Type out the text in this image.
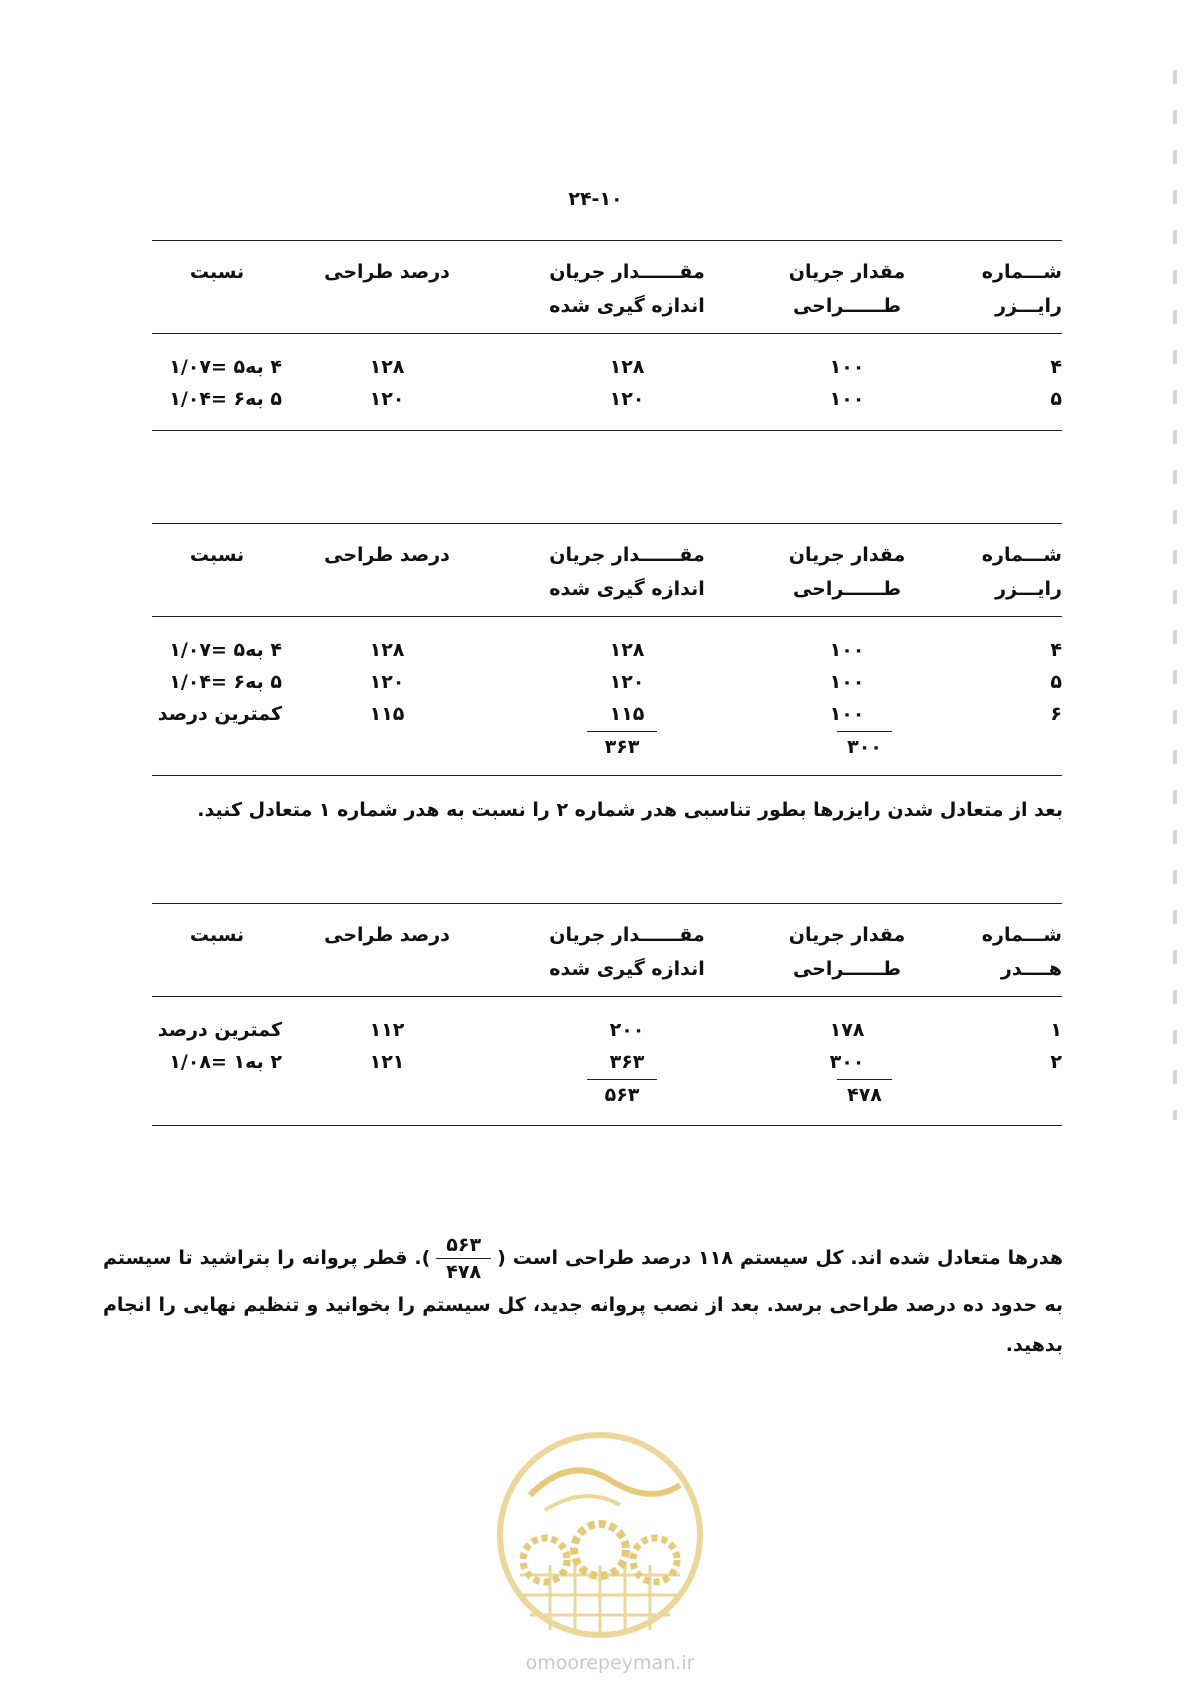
۲۴-۱۰
شـــماره
رایـــزر
مقدار جریان
طــــــراحی
مقــــــدار جریان
اندازه گیری شده
درصد طراحی
نسبت
۴
۱۰۰
۱۲۸
۱۲۸
۴ به۵ =۱/۰۷
۵
۱۰۰
۱۲۰
۱۲۰
۵ به۶ =۱/۰۴
شـــماره
رایـــزر
مقدار جریان
طــــــراحی
مقــــــدار جریان
اندازه گیری شده
درصد طراحی
نسبت
۴
۱۰۰
۱۲۸
۱۲۸
۴ به۵ =۱/۰۷
۵
۱۰۰
۱۲۰
۱۲۰
۵ به۶ =۱/۰۴
۶
۱۰۰
۱۱۵
۱۱۵
کمترین درصد
۳۰۰
۳۶۳
بعد از متعادل شدن رایزرها بطور تناسبی هدر شماره ۲ را نسبت به هدر شماره ۱ متعادل کنید.
شـــماره
هــــدر
مقدار جریان
طــــــراحی
مقــــــدار جریان
اندازه گیری شده
درصد طراحی
نسبت
۱
۱۷۸
۲۰۰
۱۱۲
کمترین درصد
۲
۳۰۰
۳۶۳
۱۲۱
۲ به۱ =۱/۰۸
۴۷۸
۵۶۳
هدرها متعادل شده اند. کل سیستم ۱۱۸ درصد طراحی است (
$\frac{۵۶۳}{۴۷۸}$
). قطر پروانه را بتراشید تا سیستم به حدود ده درصد طراحی برسد. بعد از نصب پروانه جدید، کل سیستم را بخوانید و تنظیم نهایی را انجام بدهید.
omoorepeyman.ir
